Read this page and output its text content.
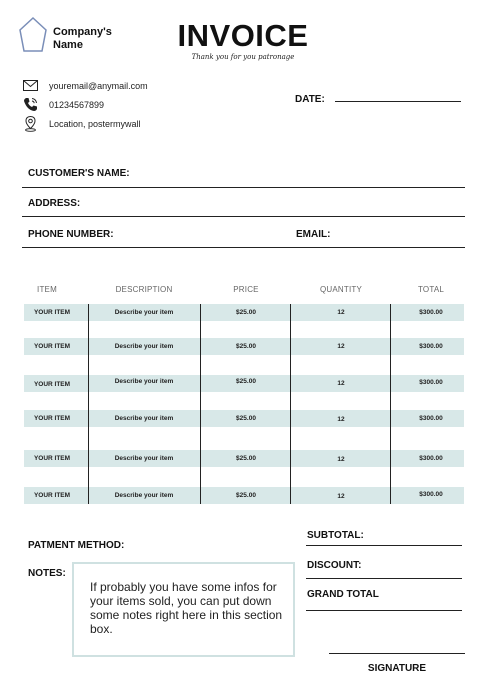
Company's Name	INVOICE
Thank you for you patronage
youremail@anymail.com
01234567899
Location, postermywall
DATE:
CUSTOMER'S NAME:
ADDRESS:
PHONE NUMBER:	EMAIL:
ITEM	DESCRIPTION	PRICE	QUANTITY	TOTAL
YOUR ITEM	Describe your item	$25.00	12	$300.00
YOUR ITEM	Describe your item	$25.00	12	$300.00
YOUR ITEM	Describe your item	$25.00	12	$300.00
YOUR ITEM	Describe your item	$25.00	12	$300.00
YOUR ITEM	Describe your item	$25.00	12	$300.00
YOUR ITEM	Describe your item	$25.00	12	$300.00
PATMENT METHOD:
NOTES:
If probably you have some infos for your items sold, you can put down some notes right here in this section box.
SUBTOTAL:
DISCOUNT:
GRAND TOTAL
SIGNATURE
